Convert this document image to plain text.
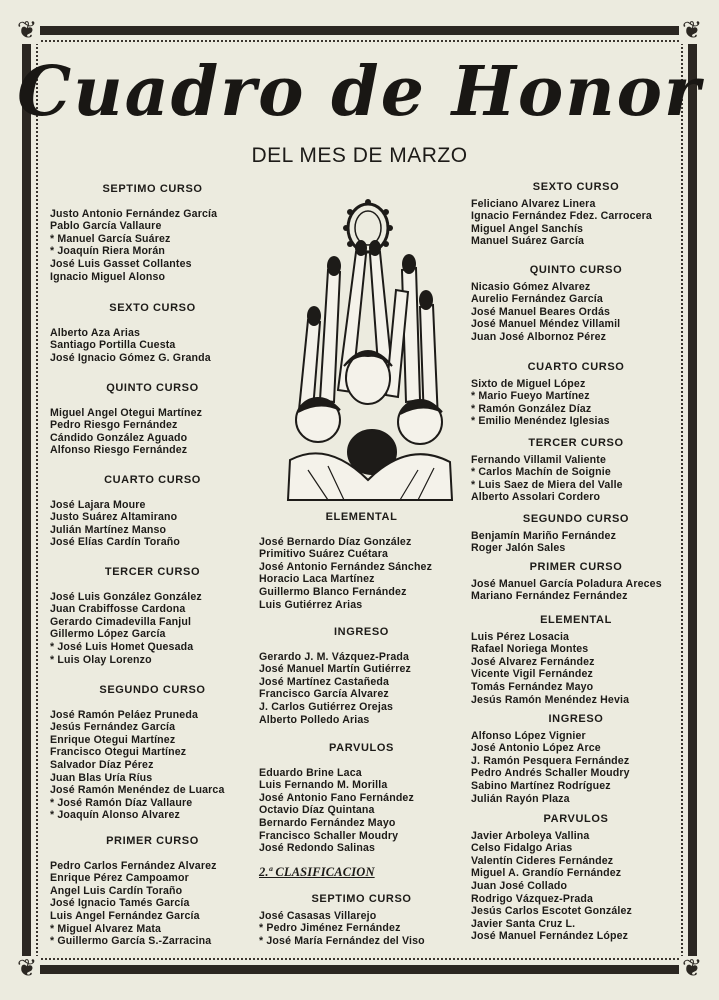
❦	❦
❦	❦
Cuadro de Honor
DEL MES DE MARZO
SEPTIMO CURSO
Justo Antonio Fernández García
Pablo García Vallaure
* Manuel García Suárez
* Joaquín Riera Morán
José Luis Gasset Collantes
Ignacio Miguel Alonso
SEXTO CURSO
Alberto Aza Arias
Santiago Portilla Cuesta
José Ignacio Gómez G. Granda
QUINTO CURSO
Miguel Angel Otegui Martínez
Pedro Riesgo Fernández
Cándido González Aguado
Alfonso Riesgo Fernández
CUARTO CURSO
José Lajara Moure
Justo Suárez Altamirano
Julián Martínez Manso
José Elías Cardín Toraño
TERCER CURSO
José Luis González González
Juan Crabiffosse Cardona
Gerardo Cimadevilla Fanjul
Gillermo López García
* José Luis Homet Quesada
* Luis Olay Lorenzo
SEGUNDO CURSO
José Ramón Peláez Pruneda
Jesús Fernández García
Enrique Otegui Martínez
Francisco Otegui Martínez
Salvador Díaz Pérez
Juan Blas Uría Ríus
José Ramón Menéndez de Luarca
* José Ramón Díaz Vallaure
* Joaquín Alonso Alvarez
PRIMER CURSO
Pedro Carlos Fernández Alvarez
Enrique Pérez Campoamor
Angel Luis Cardín Toraño
José Ignacio Tamés García
Luis Angel Fernández García
* Miguel Alvarez Mata
* Guillermo García S.-Zarracina
ELEMENTAL
José Bernardo Díaz González
Primitivo Suárez Cuétara
José Antonio Fernández Sánchez
Horacio Laca Martínez
Guillermo Blanco Fernández
Luis Gutiérrez Arias
INGRESO
Gerardo J. M. Vázquez-Prada
José Manuel Martín Gutiérrez
José Martínez Castañeda
Francisco García Alvarez
J. Carlos Gutiérrez Orejas
Alberto Polledo Arias
PARVULOS
Eduardo Brine Laca
Luis Fernando M. Morilla
José Antonio Fano Fernández
Octavio Díaz Quintana
Bernardo Fernández Mayo
Francisco Schaller Moudry
José Redondo Salinas
2.ª CLASIFICACION
SEPTIMO CURSO
José Casasas Villarejo
* Pedro Jiménez Fernández
* José María Fernández del Viso
SEXTO CURSO
Feliciano Alvarez Linera
Ignacio Fernández Fdez. Carrocera
Miguel Angel Sanchís
Manuel Suárez García
QUINTO CURSO
Nicasio Gómez Alvarez
Aurelio Fernández García
José Manuel Beares Ordás
José Manuel Méndez Villamil
Juan José Albornoz Pérez
CUARTO CURSO
Sixto de Miguel López
* Mario Fueyo Martínez
* Ramón González Díaz
* Emilio Menéndez Iglesias
TERCER CURSO
Fernando Villamil Valiente
* Carlos Machín de Soignie
* Luis Saez de Miera del Valle
Alberto Assolari Cordero
SEGUNDO CURSO
Benjamín Mariño Fernández
Roger Jalón Sales
PRIMER CURSO
José Manuel García Poladura Areces
Mariano Fernández Fernández
ELEMENTAL
Luis Pérez Losacia
Rafael Noriega Montes
José Alvarez Fernández
Vicente Vigil Fernández
Tomás Fernández Mayo
Jesús Ramón Menéndez Hevia
INGRESO
Alfonso López Vignier
José Antonio López Arce
J. Ramón Pesquera Fernández
Pedro Andrés Schaller Moudry
Sabino Martínez Rodríguez
Julián Rayón Plaza
PARVULOS
Javier Arboleya Vallina
Celso Fidalgo Arias
Valentín Cideres Fernández
Miguel A. Grandío Fernández
Juan José Collado
Rodrigo Vázquez-Prada
Jesús Carlos Escotet González
Javier Santa Cruz L.
José Manuel Fernández López
